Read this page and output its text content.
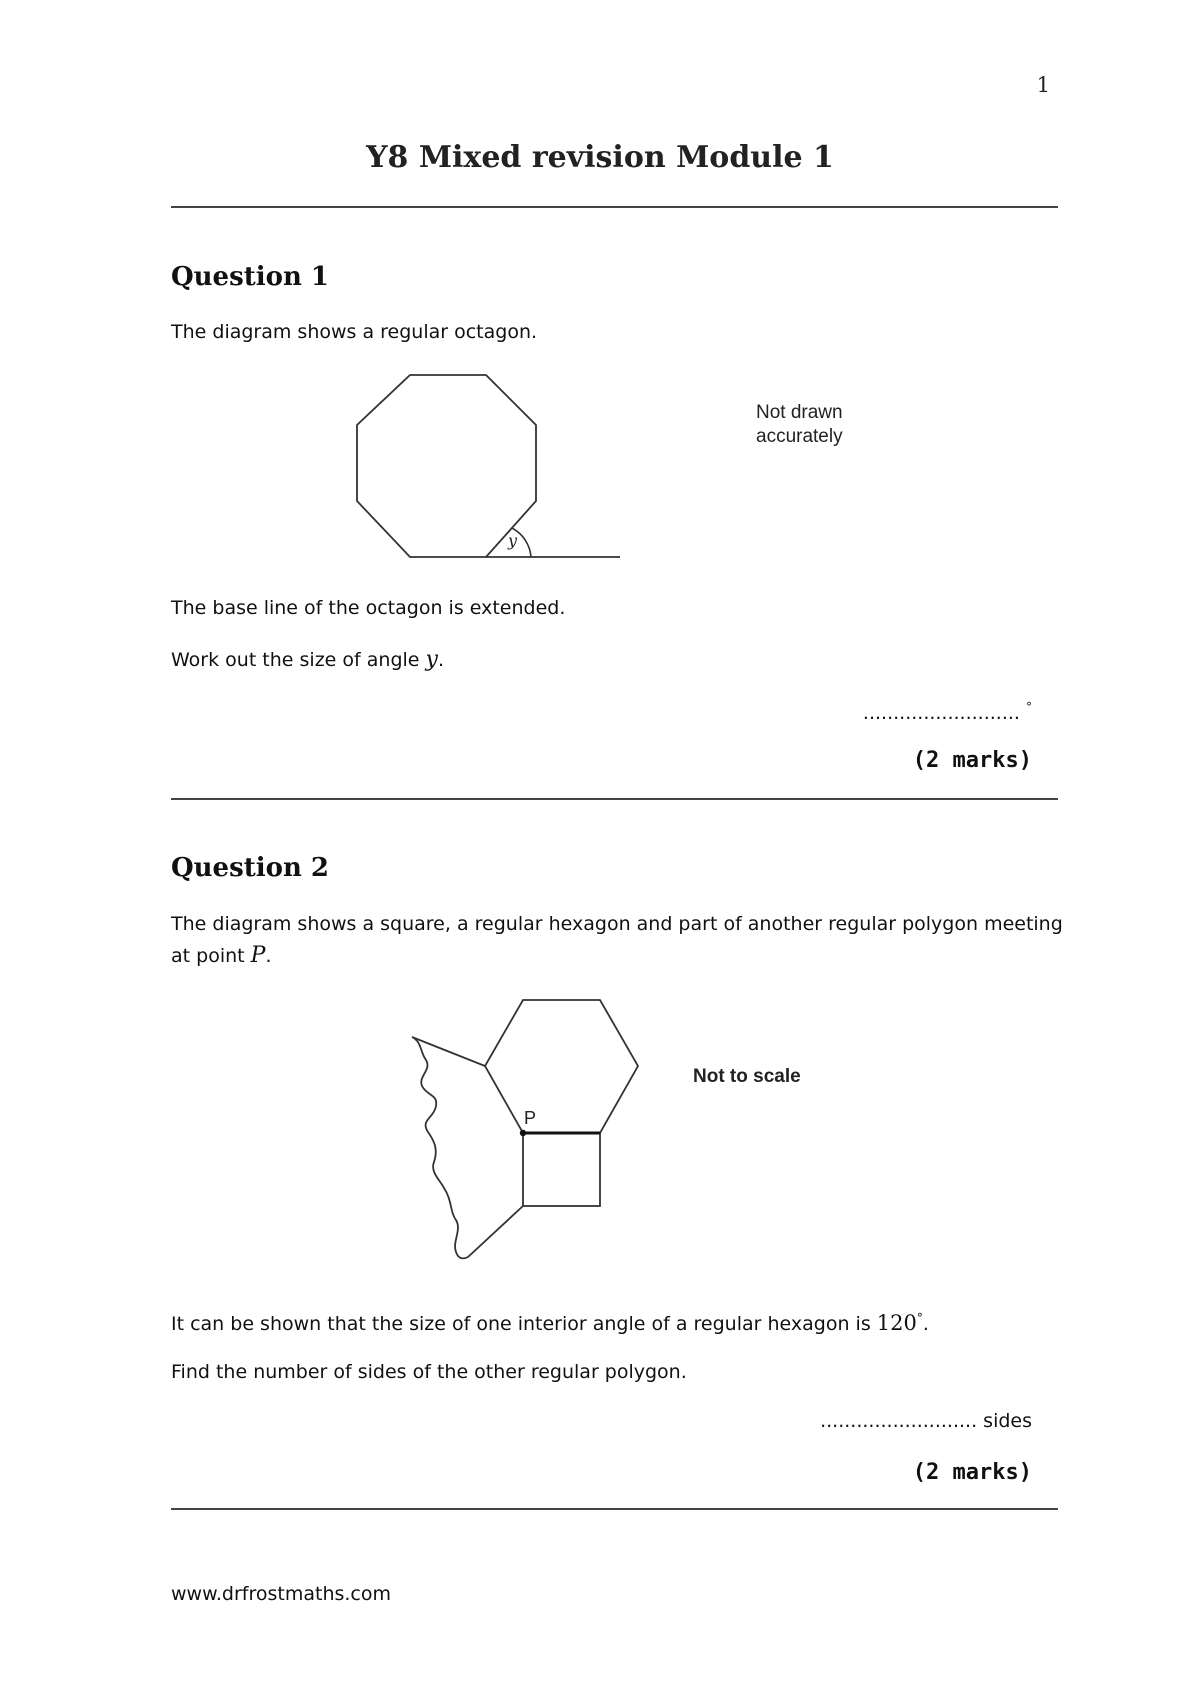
1
Y8 Mixed revision Module 1
Question 1
The diagram shows a regular octagon.
y
Not drawn
accurately
The base line of the octagon is extended.
Work out the size of angle y.
.......................... °
(2 marks)
Question 2
The diagram shows a square, a regular hexagon and part of another regular polygon meeting
at point P.
P
Not to scale
It can be shown that the size of one interior angle of a regular hexagon is 120°.
Find the number of sides of the other regular polygon.
.......................... sides
(2 marks)
www.drfrostmaths.com
